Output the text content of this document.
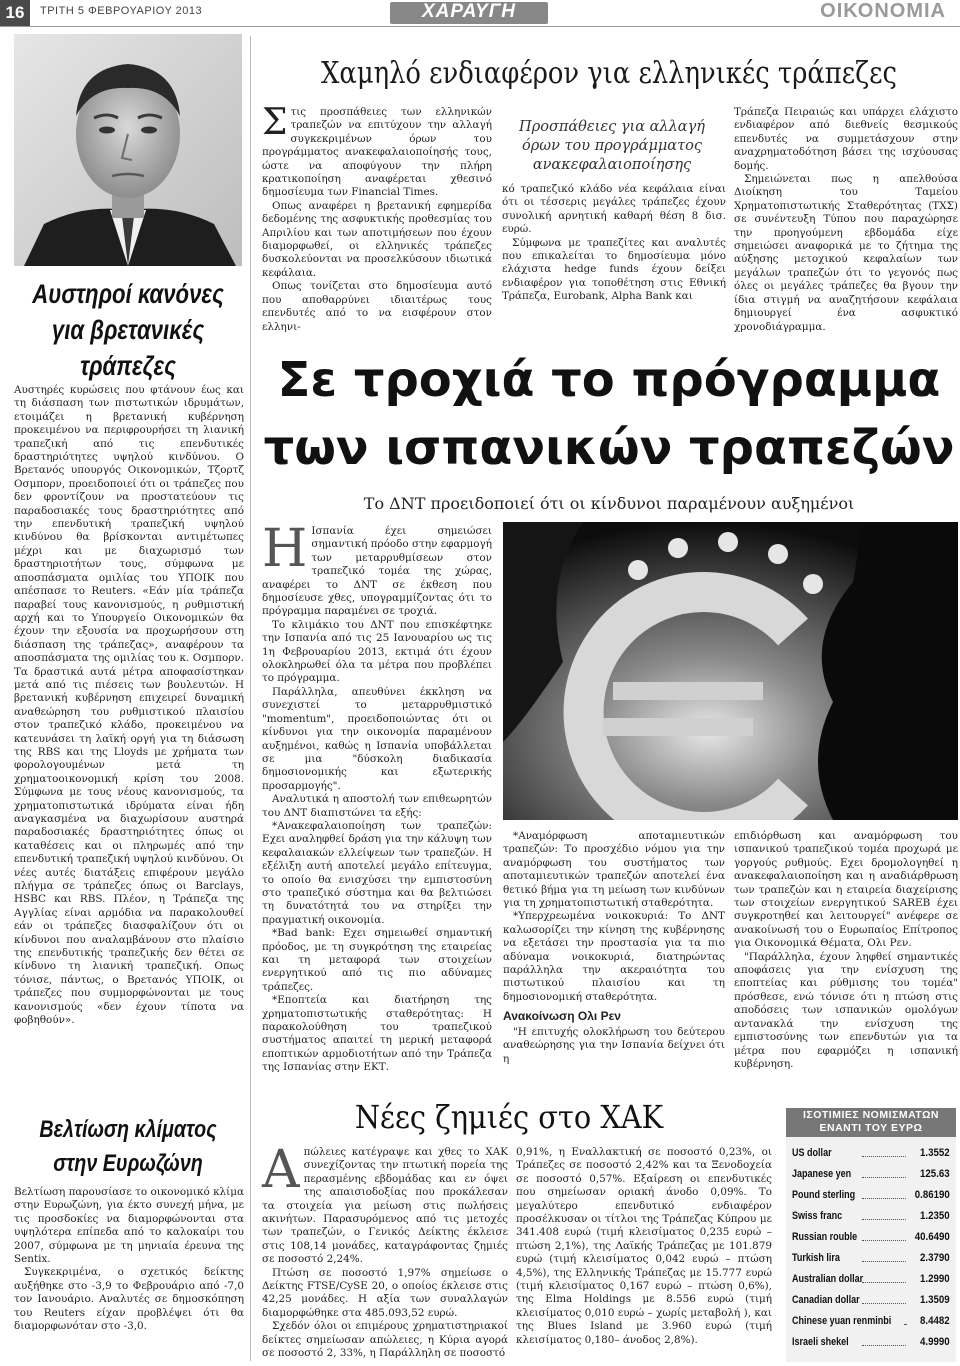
16	ΤΡΙΤΗ 5 ΦΕΒΡΟΥΑΡΙΟΥ 2013	ΧΑΡΑΥΓΗ	ΟΙΚΟΝΟΜΙΑ
Αυστηροί κανόνες
για βρετανικές
τράπεζες

Αυστηρές κυρώσεις που φτάνουν έως και τη διάσπαση των πιστωτικών ιδρυμάτων, ετοιμάζει η βρετανική κυβέρνηση προκειμένου να περιφρουρήσει τη λιανική τραπεζική από τις επενδυτικές δραστηριότητες υψηλού κινδύνου. Ο Βρετανός υπουργός Οικονομικών, Τζορτζ Οσμπορν, προειδοποιεί ότι οι τράπεζες που δεν φροντίζουν να προστατεύουν τις παραδοσιακές τους δραστηριότητες από την επενδυτική τραπεζική υψηλού κινδύνου θα βρίσκονται αντιμέτωπες μέχρι και με διαχωρισμό των δραστηριοτήτων τους, σύμφωνα με αποσπάσματα ομιλίας του ΥΠΟΙΚ που απέσπασε το Reuters. «Εάν μία τράπεζα παραβεί τους κανονισμούς, η ρυθμιστική αρχή και το Υπουργείο Οικονομικών θα έχουν την εξουσία να προχωρήσουν στη διάσπαση της τράπεζας», αναφέρουν τα αποσπάσματα της ομιλίας του κ. Οσμπορν. Τα δραστικά αυτά μέτρα αποφασίστηκαν μετά από τις πιέσεις των βουλευτών. Η βρετανική κυβέρνηση επιχειρεί δυναμική αναθεώρηση του ρυθμιστικού πλαισίου στον τραπεζικό κλάδο, προκειμένου να κατευνάσει τη λαϊκή οργή για τη διάσωση της RBS και της Lloyds με χρήματα των φορολογουμένων μετά τη χρηματοοικονομική κρίση του 2008. Σύμφωνα με τους νέους κανονισμούς, τα χρηματοπιστωτικά ιδρύματα είναι ήδη αναγκασμένα να διαχωρίσουν αυστηρά παραδοσιακές δραστηριότητες όπως οι καταθέσεις και οι πληρωμές από την επενδυτική τραπεζική υψηλού κινδύνου. Οι νέες αυτές διατάξεις επιφέρουν μεγάλο πλήγμα σε τράπεζες όπως οι Barclays, HSBC και RBS. Πλέον, η Τράπεζα της Αγγλίας είναι αρμόδια να παρακολουθεί εάν οι τράπεζες διασφαλίζουν ότι οι κίνδυνοι που αναλαμβάνουν στο πλαίσιο της επενδυτικής τραπεζικής δεν θέτει σε κίνδυνο τη λιανική τραπεζική. Οπως τόνισε, πάντως, ο Βρετανός ΥΠΟΙΚ, οι τράπεζες που συμμορφώνονται με τους κανονισμούς «δεν έχουν τίποτα να φοβηθούν».

Βελτίωση κλίματος
στην Ευρωζώνη

Βελτίωση παρουσίασε το οικονομικό κλίμα στην Ευρωζώνη, για έκτο συνεχή μήνα, με τις προσδοκίες να διαμορφώνονται στα υψηλότερα επίπεδα από το καλοκαίρι του 2007, σύμφωνα με τη μηνιαία έρευνα της Sentix.

Συγκεκριμένα, ο σχετικός δείκτης αυξήθηκε στο -3,9 το Φεβρουάριο από -7,0 τον Ιανουάριο. Αναλυτές σε δημοσκόπηση του Reuters είχαν προβλέψει ότι θα διαμορφωνόταν στο -3,0.

Χαμηλό ενδιαφέρον για ελληνικές τράπεζες

Στις προσπάθειες των ελληνικών τραπεζών να επιτύχουν την αλλαγή συγκεκριμένων όρων του προγράμματος ανακεφαλαιοποίησής τους, ώστε να αποφύγουν την πλήρη κρατικοποίηση αναφέρεται χθεσινό δημοσίευμα των Financial Times.

Οπως αναφέρει η βρετανική εφημερίδα δεδομένης της ασφυκτικής προθεσμίας του Απριλίου και των αποτιμήσεων που έχουν διαμορφωθεί, οι ελληνικές τράπεζες δυσκολεύονται να προσελκύσουν ιδιωτικά κεφάλαια.

Οπως τονίζεται στο δημοσίευμα αυτό που αποθαρρύνει ιδιαιτέρως τους επενδυτές από το να εισφέρουν στον ελληνι-

Προσπάθειες για αλλαγή όρων του προγράμματος ανακεφαλαιοποίησης

κό τραπεζικό κλάδο νέα κεφάλαια είναι ότι οι τέσσερις μεγάλες τράπεζες έχουν συνολική αρνητική καθαρή θέση 8 δισ. ευρώ.

Σύμφωνα με τραπεζίτες και αναλυτές που επικαλείται το δημοσίευμα μόνο ελάχιστα hedge funds έχουν δείξει ενδιαφέρον για τοποθέτηση στις Εθνική Τράπεζα, Eurobank, Alpha Bank και

Τράπεζα Πειραιώς και υπάρχει ελάχιστο ενδιαφέρον από διεθνείς θεσμικούς επενδυτές να συμμετάσχουν στην αναχρηματοδότηση βάσει της ισχύουσας δομής.

Σημειώνεται πως η απελθούσα Διοίκηση του Ταμείου Χρηματοπιστωτικής Σταθερότητας (ΤΧΣ) σε συνέντευξη Τύπου που παραχώρησε την προηγούμενη εβδομάδα είχε σημειώσει αναφορικά με το ζήτημα της αύξησης μετοχικού κεφαλαίων των μεγάλων τραπεζών ότι το γεγονός πως όλες οι μεγάλες τράπεζες θα βγουν την ίδια στιγμή να αναζητήσουν κεφάλαια δημιουργεί ένα ασφυκτικό χρονοδιάγραμμα.

Σε τροχιά το πρόγραμμα
των ισπανικών τραπεζών
Το ΔΝΤ προειδοποιεί ότι οι κίνδυνοι παραμένουν αυξημένοι

Η Ισπανία έχει σημειώσει σημαντική πρόοδο στην εφαρμογή των μεταρρυθμίσεων στον τραπεζικό τομέα της χώρας, αναφέρει το ΔΝΤ σε έκθεση που δημοσίευσε χθες, υπογραμμίζοντας ότι το πρόγραμμα παραμένει σε τροχιά.

Το κλιμάκιο του ΔΝΤ που επισκέφτηκε την Ισπανία από τις 25 Ιανουαρίου ως τις 1η Φεβρουαρίου 2013, εκτιμά ότι έχουν ολοκληρωθεί όλα τα μέτρα που προβλέπει το πρόγραμμα.

Παράλληλα, απευθύνει έκκληση να συνεχιστεί το μεταρρυθμιστικό "momentum", προειδοποιώντας ότι οι κίνδυνοι για την οικονομία παραμένουν αυξημένοι, καθώς η Ισπανία υποβάλλεται σε μια "δύσκολη διαδικασία δημοσιονομικής και εξωτερικής προσαρμογής".

Αναλυτικά η αποστολή των επιθεωρητών του ΔΝΤ διαπιστώνει τα εξής:

*Ανακεφαλαιοποίηση των τραπεζών: Εχει αναληφθεί δράση για την κάλυψη των κεφαλαιακών ελλείψεων των τραπεζών. Η εξέλιξη αυτή αποτελεί μεγάλο επίτευγμα, το οποίο θα ενισχύσει την εμπιστοσύνη στο τραπεζικό σύστημα και θα βελτιώσει τη δυνατότητά του να στηρίξει την πραγματική οικονομία.

*Bad bank: Εχει σημειωθεί σημαντική πρόοδος, με τη συγκρότηση της εταιρείας και τη μεταφορά των στοιχείων ενεργητικού από τις πιο αδύναμες τράπεζες.

*Εποπτεία και διατήρηση της χρηματοπιστωτικής σταθερότητας: Η παρακολούθηση του τραπεζικού συστήματος απαιτεί τη μερική μεταφορά εποπτικών αρμοδιοτήτων από την Τράπεζα της Ισπανίας στην ΕΚΤ.

*Αναμόρφωση αποταμιευτικών τραπεζών: Το προσχέδιο νόμου για την αναμόρφωση του συστήματος των αποταμιευτικών τραπεζών αποτελεί ένα θετικό βήμα για τη μείωση των κινδύνων για τη χρηματοπιστωτική σταθερότητα.

*Υπερχρεωμένα νοικοκυριά: Το ΔΝΤ καλωσορίζει την κίνηση της κυβέρνησης να εξετάσει την προστασία για τα πιο αδύναμα νοικοκυριά, διατηρώντας παράλληλα την ακεραιότητα του πιστωτικού πλαισίου και τη δημοσιονομική σταθερότητα.

Ανακοίνωση Ολι Ρεν

"Η επιτυχής ολοκλήρωση του δεύτερου αναθεώρησης για την Ισπανία δείχνει ότι η

επιδιόρθωση και αναμόρφωση του ισπανικού τραπεζικού τομέα προχωρά με γοργούς ρυθμούς. Εχει δρομολογηθεί η ανακεφαλαιοποίηση και η αναδιάρθρωση των τραπεζών και η εταιρεία διαχείρισης των στοιχείων ενεργητικού SAREB έχει συγκροτηθεί και λειτουργεί" ανέφερε σε ανακοίνωσή του ο Ευρωπαίος Επίτροπος για Οικονομικά Θέματα, Ολι Ρεν.

"Παράλληλα, έχουν ληφθεί σημαντικές αποφάσεις για την ενίσχυση της εποπτείας και ρύθμισης του τομέα" πρόσθεσε, ενώ τόνισε ότι η πτώση στις αποδόσεις των ισπανικών ομολόγων αντανακλά την ενίσχυση της εμπιστοσύνης των επενδυτών για τα μέτρα που εφαρμόζει η ισπανική κυβέρνηση.

Νέες ζημιές στο ΧΑΚ

Απώλειες κατέγραψε και χθες το ΧΑΚ συνεχίζοντας την πτωτική πορεία της περασμένης εβδομάδας και εν όψει της απαισιοδοξίας που προκάλεσαν τα στοιχεία για μείωση στις πωλήσεις ακινήτων. Παρασυρόμενος από τις μετοχές των τραπεζών, ο Γενικός Δείκτης έκλεισε στις 108,14 μονάδες, καταγράφοντας ζημιές σε ποσοστό 2,24%.

Πτώση σε ποσοστό 1,97% σημείωσε ο Δείκτης FTSE/CySE 20, ο οποίος έκλεισε στις 42,25 μονάδες. Η αξία των συναλλαγών διαμορφώθηκε στα 485.093,52 ευρώ.

Σχεδόν όλοι οι επιμέρους χρηματιστηριακοί δείκτες σημείωσαν απώλειες, η Κύρια αγορά σε ποσοστό 2, 33%, η Παράλληλη σε ποσοστό

0,91%, η Εναλλακτική σε ποσοστό 0,23%, οι Τράπεζες σε ποσοστό 2,42% και τα Ξενοδοχεία σε ποσοστό 0,57%. Εξαίρεση οι επενδυτικές που σημείωσαν οριακή άνοδο 0,09%. Το μεγαλύτερο επενδυτικό ενδιαφέρον προσέλκυσαν οι τίτλοι της Τράπεζας Κύπρου με 341.408 ευρώ (τιμή κλεισίματος 0,235 ευρώ – πτώση 2,1%), της Λαϊκής Τράπεζας με 101.879 ευρώ (τιμή κλεισίματος 0,042 ευρώ – πτώση 4,5%), της Ελληνικής Τράπεζας με 15.777 ευρώ (τιμή κλεισίματος 0,167 ευρώ – πτώση 0,6%), της Elma Holdings με 8.556 ευρώ (τιμή κλεισίματος 0,010 ευρώ – χωρίς μεταβολή ), και της Blues Island με 3.960 ευρώ (τιμή κλεισίματος 0,180– άνοδος 2,8%).

ΙΣΟΤΙΜΙΕΣ ΝΟΜΙΣΜΑΤΩΝ
ΕΝΑΝΤΙ ΤΟΥ ΕΥΡΩ
US dollar	1.3552
Japanese yen	125.63
Pound sterling	0.86190
Swiss franc	1.2350
Russian rouble	40.6490
Turkish lira	2.3790
Australian dollar	1.2990
Canadian dollar	1.3509
Chinese yuan renminbi	8.4482
Israeli shekel	4.9990
